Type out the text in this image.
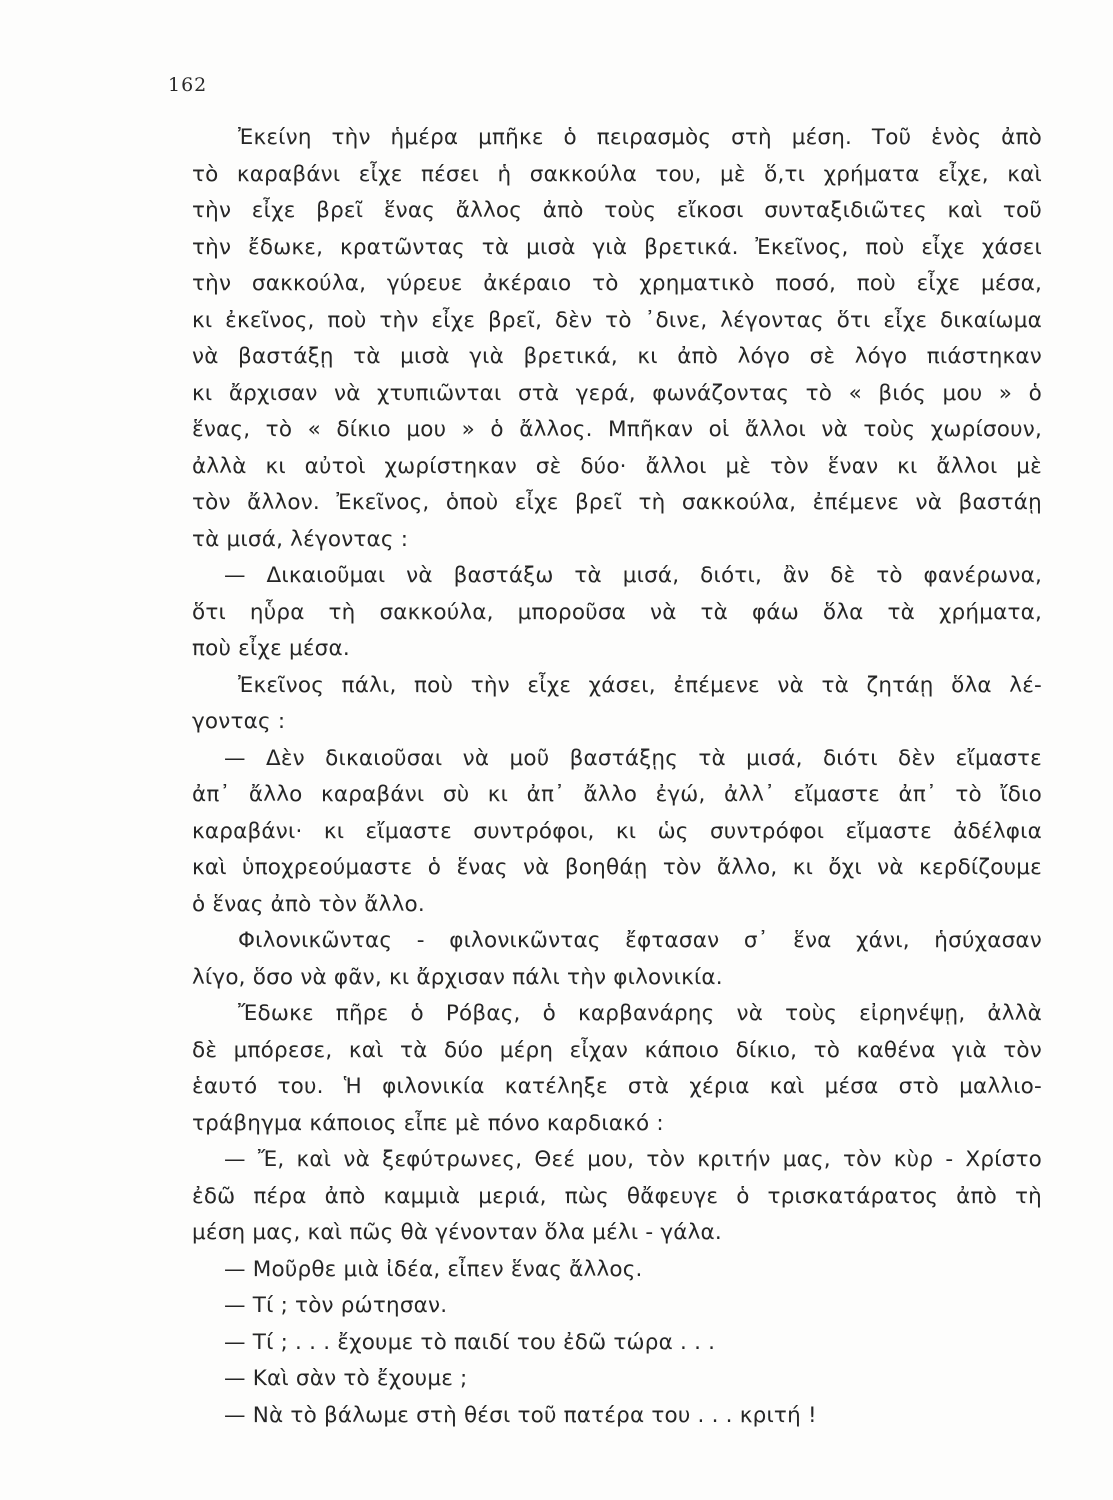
162
Ἐκείνη τὴν ἡμέρα μπῆκε ὁ πειρασμὸς στὴ μέση. Τοῦ ἑνὸς ἀπὸ
τὸ καραβάνι εἶχε πέσει ἡ σακκούλα του, μὲ ὅ,τι χρήματα εἶχε, καὶ
τὴν εἶχε βρεῖ ἕνας ἄλλος ἀπὸ τοὺς εἴκοσι συνταξιδιῶτες καὶ τοῦ
τὴν ἔδωκε, κρατῶντας τὰ μισὰ γιὰ βρετικά. Ἐκεῖνος, ποὺ εἶχε χάσει
τὴν σακκούλα, γύρευε ἀκέραιο τὸ χρηματικὸ ποσό, ποὺ εἶχε μέσα,
κι ἐκεῖνος, ποὺ τὴν εἶχε βρεῖ, δὲν τὸ ᾿δινε, λέγοντας ὅτι εἶχε δικαίωμα
νὰ βαστάξῃ τὰ μισὰ γιὰ βρετικά, κι ἀπὸ λόγο σὲ λόγο πιάστηκαν
κι ἄρχισαν νὰ χτυπιῶνται στὰ γερά, φωνάζοντας τὸ « βιός μου » ὁ
ἕνας, τὸ « δίκιο μου » ὁ ἄλλος. Μπῆκαν οἱ ἄλλοι νὰ τοὺς χωρίσουν,
ἀλλὰ κι αὐτοὶ χωρίστηκαν σὲ δύο· ἄλλοι μὲ τὸν ἕναν κι ἄλλοι μὲ
τὸν ἄλλον. Ἐκεῖνος, ὁποὺ εἶχε βρεῖ τὴ σακκούλα, ἐπέμενε νὰ βαστάῃ
τὰ μισά, λέγοντας :
— Δικαιοῦμαι νὰ βαστάξω τὰ μισά, διότι, ἂν δὲ τὸ φανέρωνα,
ὅτι ηὗρα τὴ σακκούλα, μποροῦσα νὰ τὰ φάω ὅλα τὰ χρήματα,
ποὺ εἶχε μέσα.
Ἐκεῖνος πάλι, ποὺ τὴν εἶχε χάσει, ἐπέμενε νὰ τὰ ζητάῃ ὅλα λέ-
γοντας :
— Δὲν δικαιοῦσαι νὰ μοῦ βαστάξῃς τὰ μισά, διότι δὲν εἴμαστε
ἀπ᾿ ἄλλο καραβάνι σὺ κι ἀπ᾿ ἄλλο ἐγώ, ἀλλ᾿ εἴμαστε ἀπ᾿ τὸ ἴδιο
καραβάνι· κι εἴμαστε συντρόφοι, κι ὡς συντρόφοι εἴμαστε ἀδέλφια
καὶ ὑποχρεούμαστε ὁ ἕνας νὰ βοηθάῃ τὸν ἄλλο, κι ὄχι νὰ κερδίζουμε
ὁ ἕνας ἀπὸ τὸν ἄλλο.
Φιλονικῶντας - φιλονικῶντας ἔφτασαν σ᾿ ἕνα χάνι, ἡσύχασαν
λίγο, ὅσο νὰ φᾶν, κι ἄρχισαν πάλι τὴν φιλονικία.
Ἔδωκε πῆρε ὁ Ρόβας, ὁ καρβανάρης νὰ τοὺς εἰρηνέψῃ, ἀλλὰ
δὲ μπόρεσε, καὶ τὰ δύο μέρη εἶχαν κάποιο δίκιο, τὸ καθένα γιὰ τὸν
ἑαυτό του. Ἡ φιλονικία κατέληξε στὰ χέρια καὶ μέσα στὸ μαλλιο-
τράβηγμα κάποιος εἶπε μὲ πόνο καρδιακό :
— Ἔ, καὶ νὰ ξεφύτρωνες, Θεέ μου, τὸν κριτήν μας, τὸν κὺρ - Χρίστο
ἐδῶ πέρα ἀπὸ καμμιὰ μεριά, πὼς θἄφευγε ὁ τρισκατάρατος ἀπὸ τὴ
μέση μας, καὶ πῶς θὰ γένονταν ὅλα μέλι - γάλα.
— Μοῦρθε μιὰ ἰδέα, εἶπεν ἕνας ἄλλος.
— Τί ; τὸν ρώτησαν.
— Τί ; . . . ἔχουμε τὸ παιδί του ἐδῶ τώρα . . .
— Καὶ σὰν τὸ ἔχουμε ;
— Νὰ τὸ βάλωμε στὴ θέσι τοῦ πατέρα του . . . κριτή !
